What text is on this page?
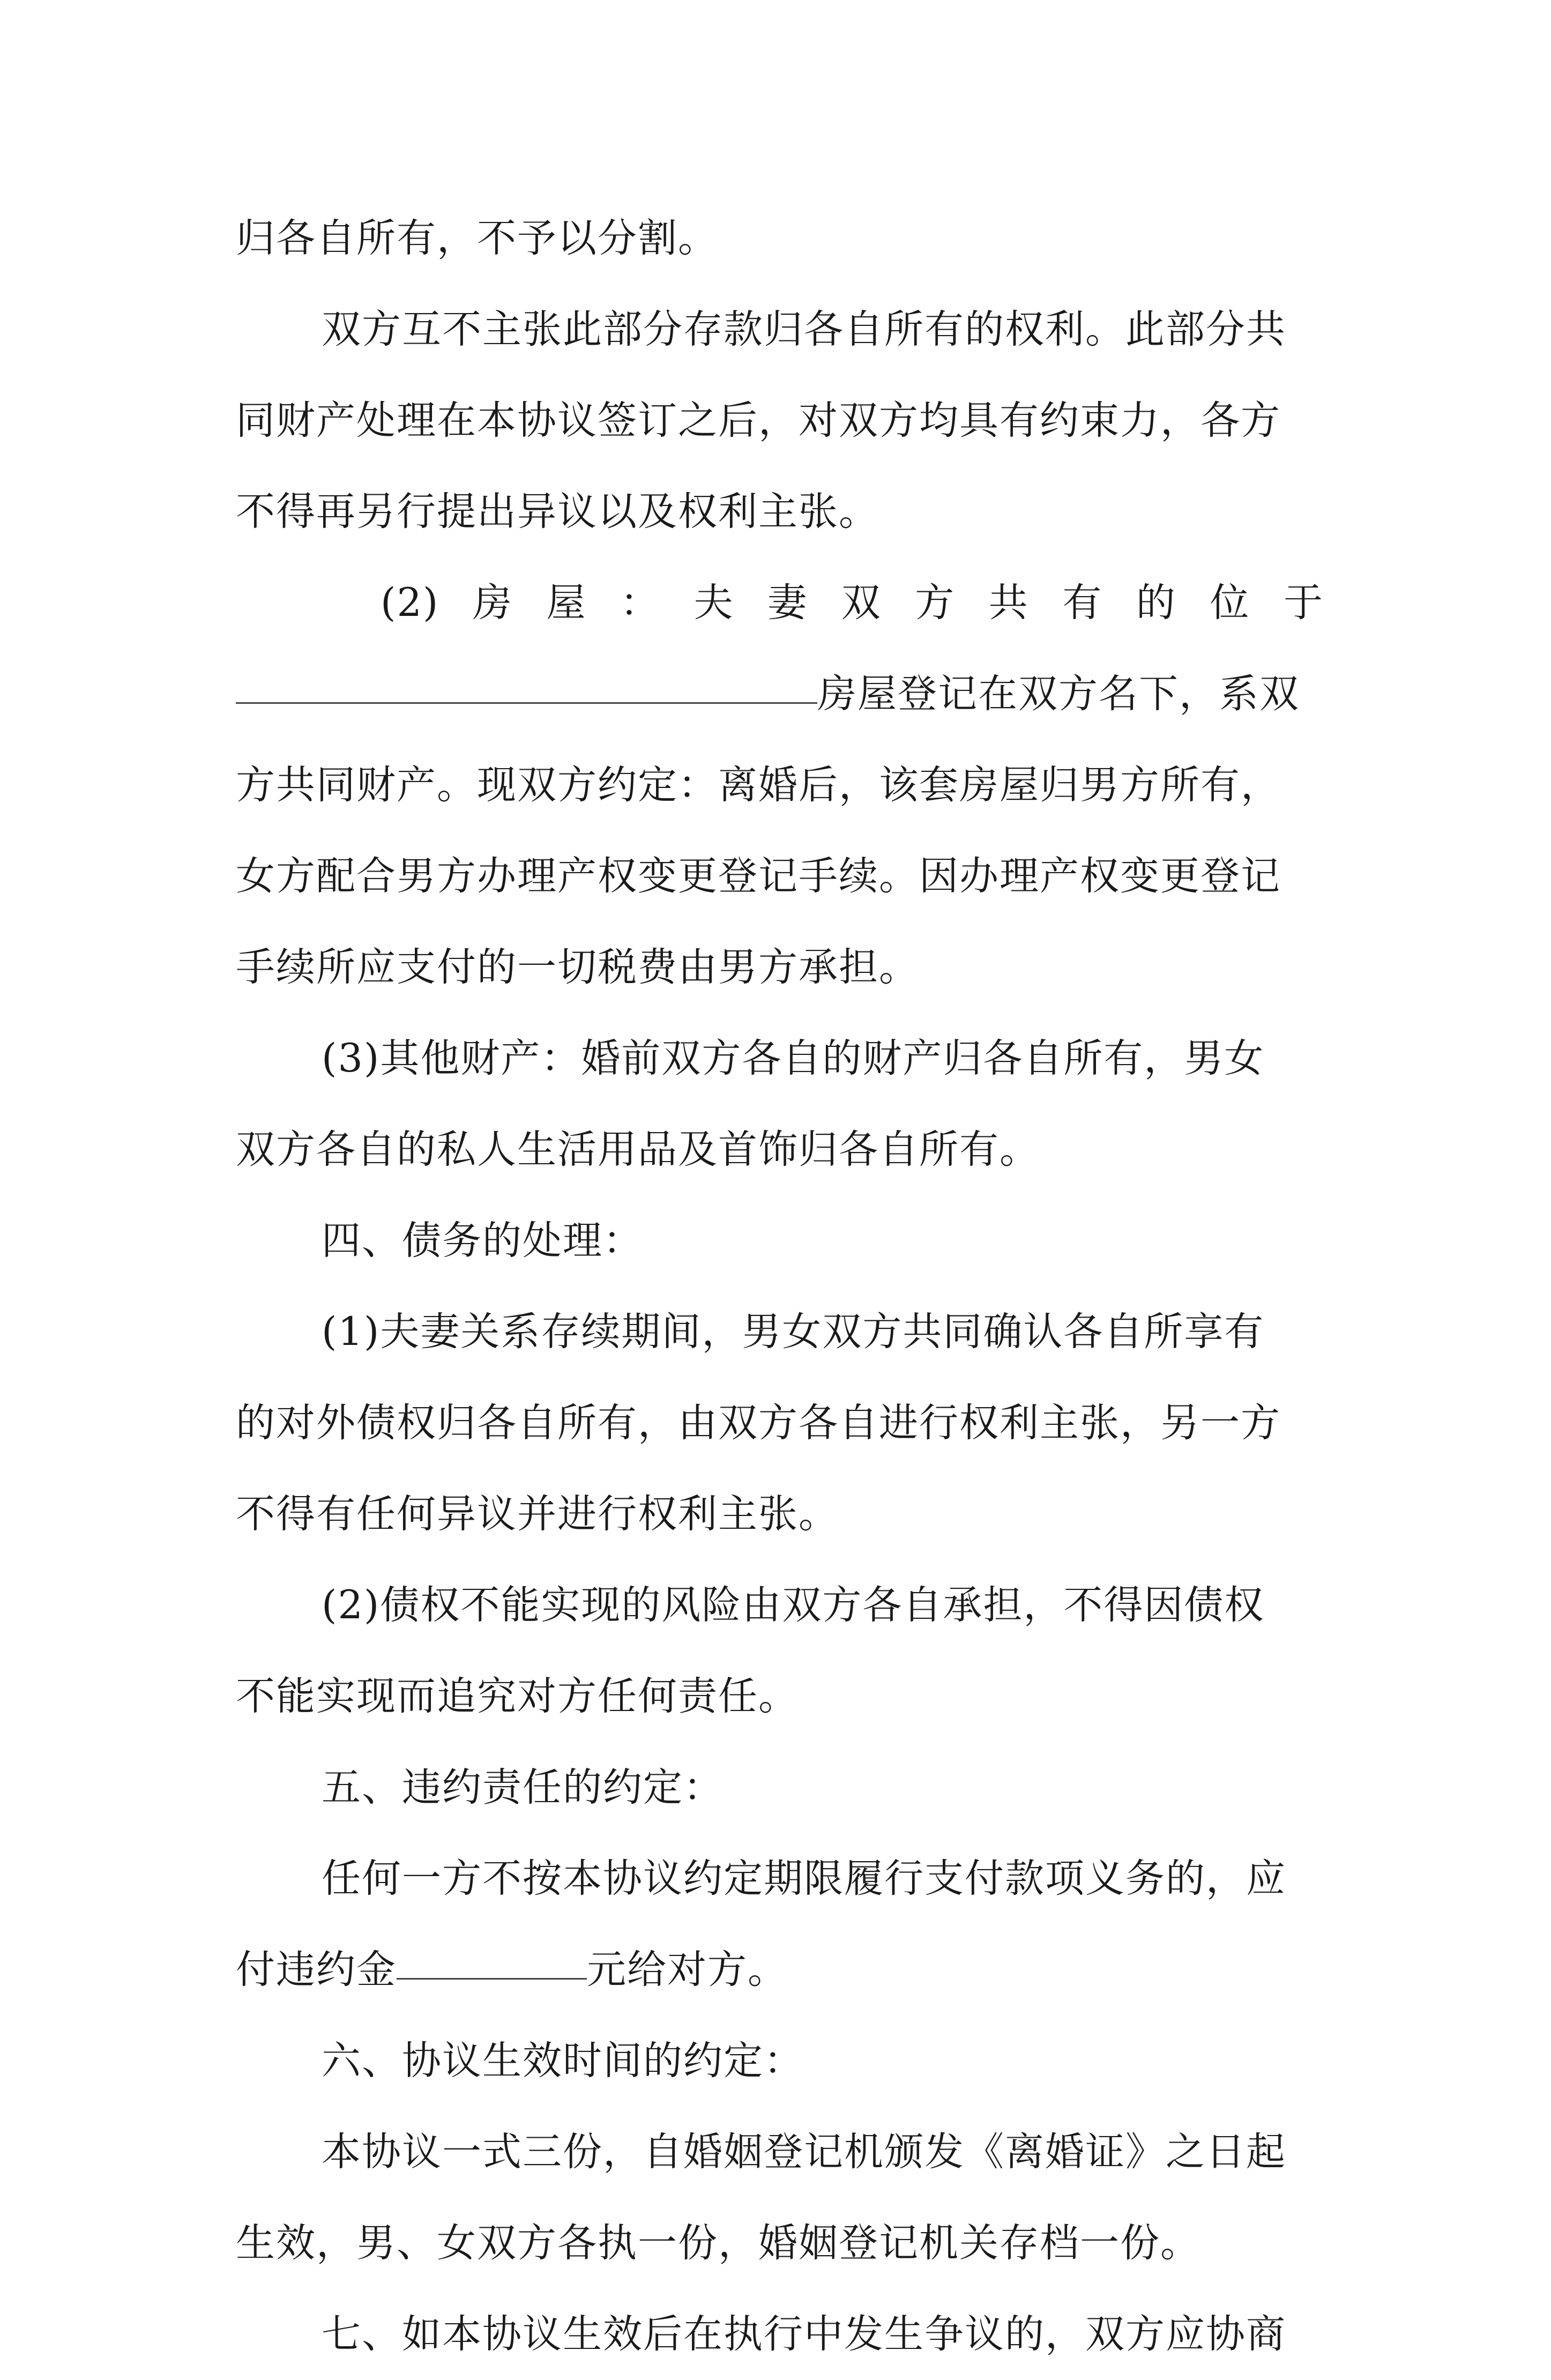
归各自所有，不予以分割。
双方互不主张此部分存款归各自所有的权利。此部分共
同财产处理在本协议签订之后，对双方均具有约束力，各方
不得再另行提出异议以及权利主张。
(2) 房 屋 ： 夫 妻 双 方 共 有 的 位 于
房屋登记在双方名下，系双
方共同财产。现双方约定：离婚后，该套房屋归男方所有，
女方配合男方办理产权变更登记手续。因办理产权变更登记
手续所应支付的一切税费由男方承担。
(3)其他财产：婚前双方各自的财产归各自所有，男女
双方各自的私人生活用品及首饰归各自所有。
四、债务的处理：
(1)夫妻关系存续期间，男女双方共同确认各自所享有
的对外债权归各自所有，由双方各自进行权利主张，另一方
不得有任何异议并进行权利主张。
(2)债权不能实现的风险由双方各自承担，不得因债权
不能实现而追究对方任何责任。
五、违约责任的约定：
任何一方不按本协议约定期限履行支付款项义务的，应
付违约金	元给对方。
六、协议生效时间的约定：
本协议一式三份，自婚姻登记机颁发《离婚证》之日起
生效，男、女双方各执一份，婚姻登记机关存档一份。
七、如本协议生效后在执行中发生争议的，双方应协商
